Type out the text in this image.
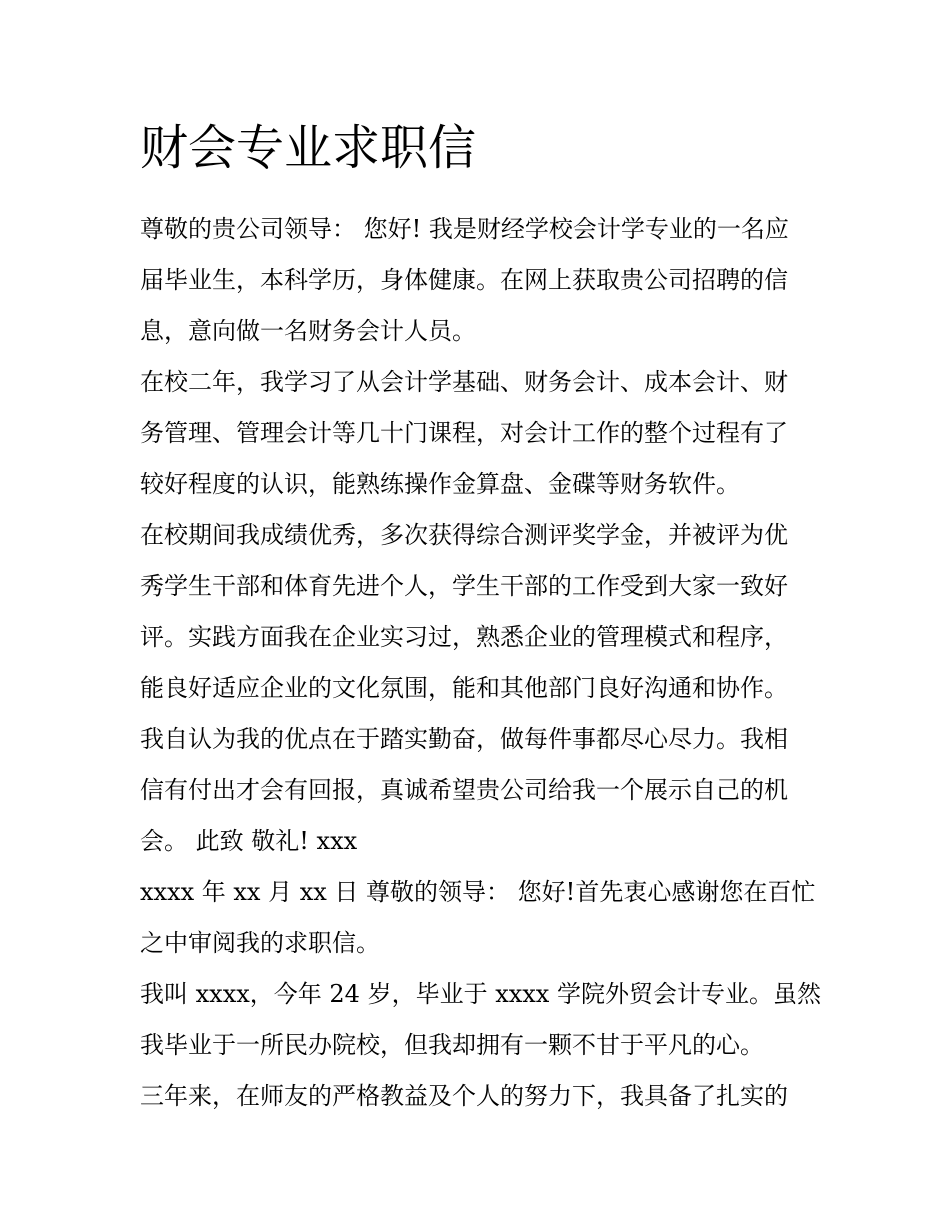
财会专业求职信

尊敬的贵公司领导： 您好! 我是财经学校会计学专业的一名应
届毕业生，本科学历，身体健康。在网上获取贵公司招聘的信
息，意向做一名财务会计人员。

在校二年，我学习了从会计学基础、财务会计、成本会计、财
务管理、管理会计等几十门课程，对会计工作的整个过程有了
较好程度的认识，能熟练操作金算盘、金碟等财务软件。

在校期间我成绩优秀，多次获得综合测评奖学金，并被评为优
秀学生干部和体育先进个人，学生干部的工作受到大家一致好
评。实践方面我在企业实习过，熟悉企业的管理模式和程序，
能良好适应企业的文化氛围，能和其他部门良好沟通和协作。

我自认为我的优点在于踏实勤奋，做每件事都尽心尽力。我相
信有付出才会有回报，真诚希望贵公司给我一个展示自己的机
会。 此致 敬礼! xxx

xxxx 年 xx 月 xx 日 尊敬的领导： 您好!首先衷心感谢您在百忙
之中审阅我的求职信。

我叫 xxxx，今年 24 岁，毕业于 xxxx 学院外贸会计专业。虽然
我毕业于一所民办院校，但我却拥有一颗不甘于平凡的心。

三年来，在师友的严格教益及个人的努力下，我具备了扎实的
